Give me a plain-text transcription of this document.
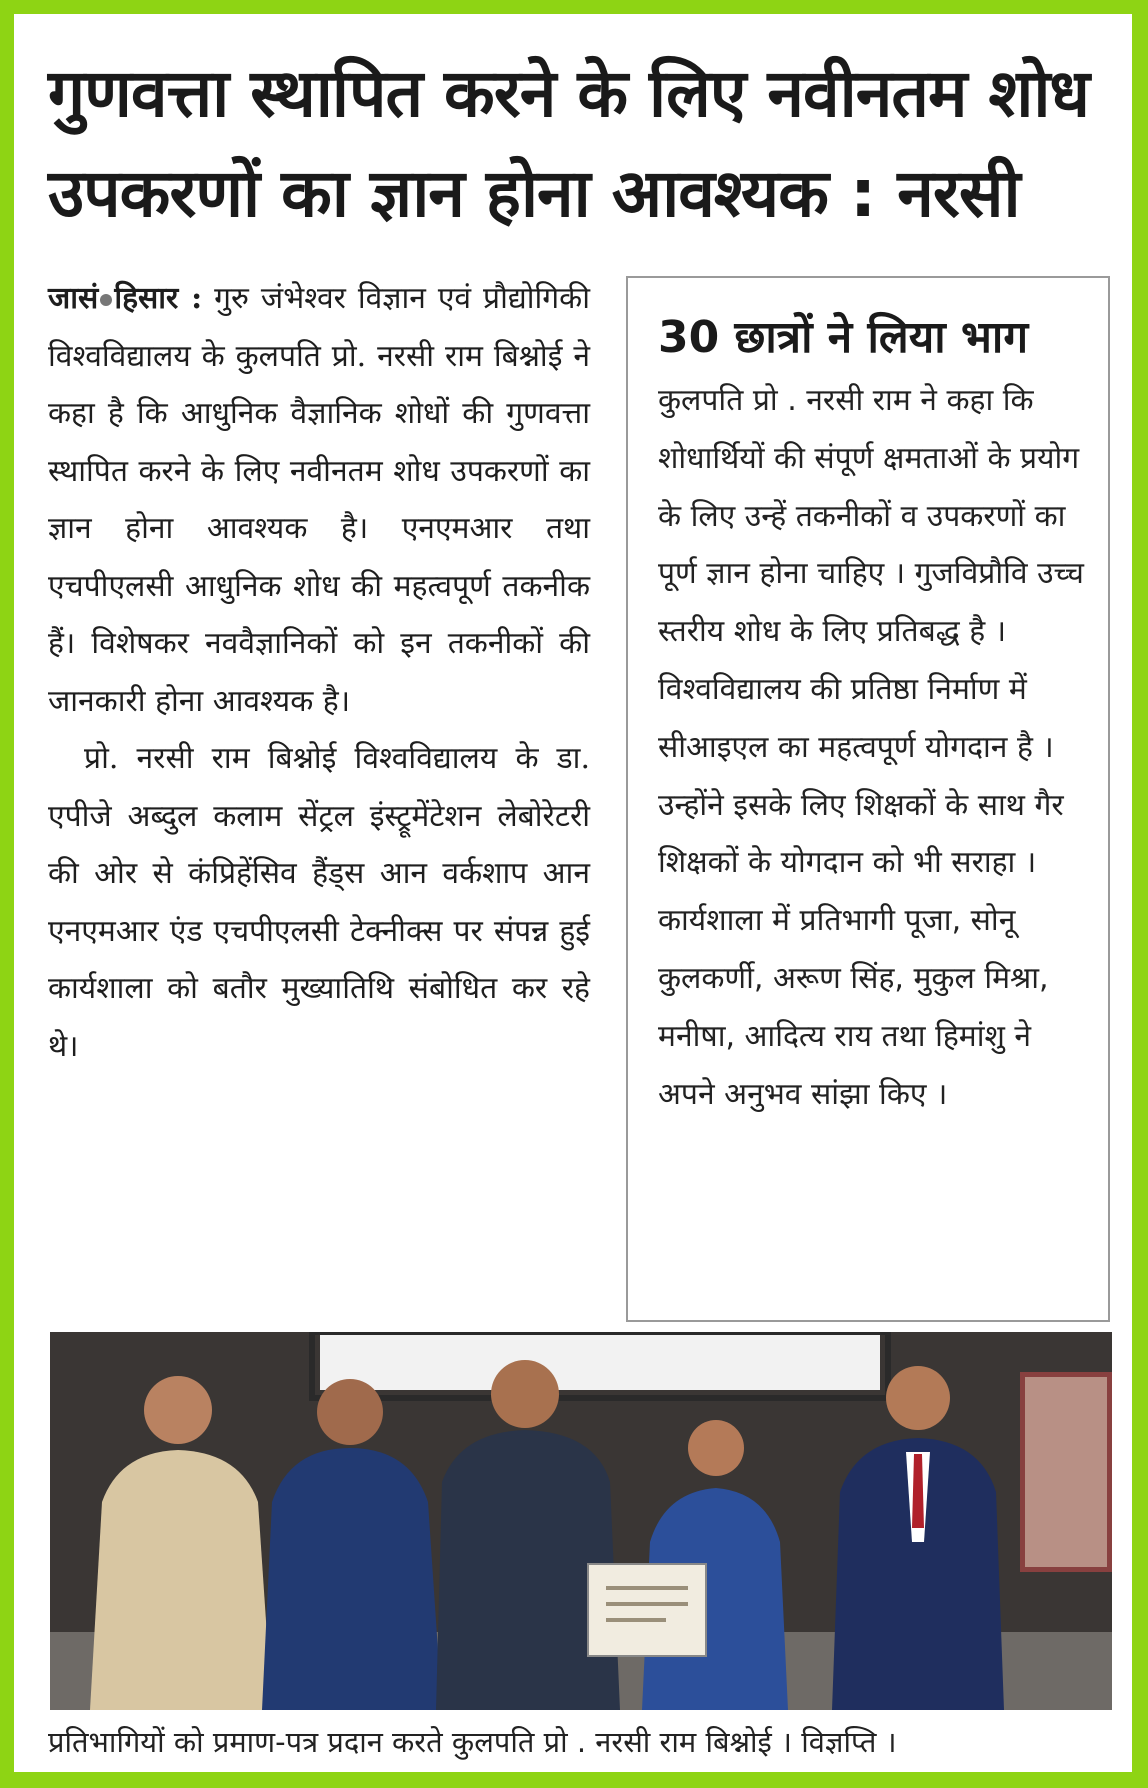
गुणवत्ता स्थापित करने के लिए नवीनतम शोध उपकरणों का ज्ञान होना आवश्यक : नरसी

जासं हिसार : गुरु जंभेश्वर विज्ञान एवं प्रौद्योगिकी विश्वविद्यालय के कुलपति प्रो. नरसी राम बिश्नोई ने कहा है कि आधुनिक वैज्ञानिक शोधों की गुणवत्ता स्थापित करने के लिए नवीनतम शोध उपकरणों का ज्ञान होना आवश्यक है। एनएमआर तथा एचपीएलसी आधुनिक शोध की महत्वपूर्ण तकनीक हैं। विशेषकर नववैज्ञानिकों को इन तकनीकों की जानकारी होना आवश्यक है।

प्रो. नरसी राम बिश्नोई विश्वविद्यालय के डा. एपीजे अब्दुल कलाम सेंट्रल इंस्ट्रूमेंटेशन लेबोरेटरी की ओर से कंप्रिहेंसिव हैंड्स आन वर्कशाप आन एनएमआर एंड एचपीएलसी टेक्नीक्स पर संपन्न हुई कार्यशाला को बतौर मुख्यातिथि संबोधित कर रहे थे।

30 छात्रों ने लिया भाग

कुलपति प्रो . नरसी राम ने कहा कि शोधार्थियों की संपूर्ण क्षमताओं के प्रयोग के लिए उन्हें तकनीकों व उपकरणों का पूर्ण ज्ञान होना चाहिए । गुजविप्रौवि उच्च स्तरीय शोध के लिए प्रतिबद्ध है । विश्वविद्यालय की प्रतिष्ठा निर्माण में सीआइएल का महत्वपूर्ण योगदान है । उन्होंने इसके लिए शिक्षकों के साथ गैर शिक्षकों के योगदान को भी सराहा । कार्यशाला में प्रतिभागी पूजा, सोनू कुलकर्णी, अरूण सिंह, मुकुल मिश्रा, मनीषा, आदित्य राय तथा हिमांशु ने अपने अनुभव सांझा किए ।

प्रतिभागियों को प्रमाण-पत्र प्रदान करते कुलपति प्रो . नरसी राम बिश्नोई । विज्ञप्ति ।
